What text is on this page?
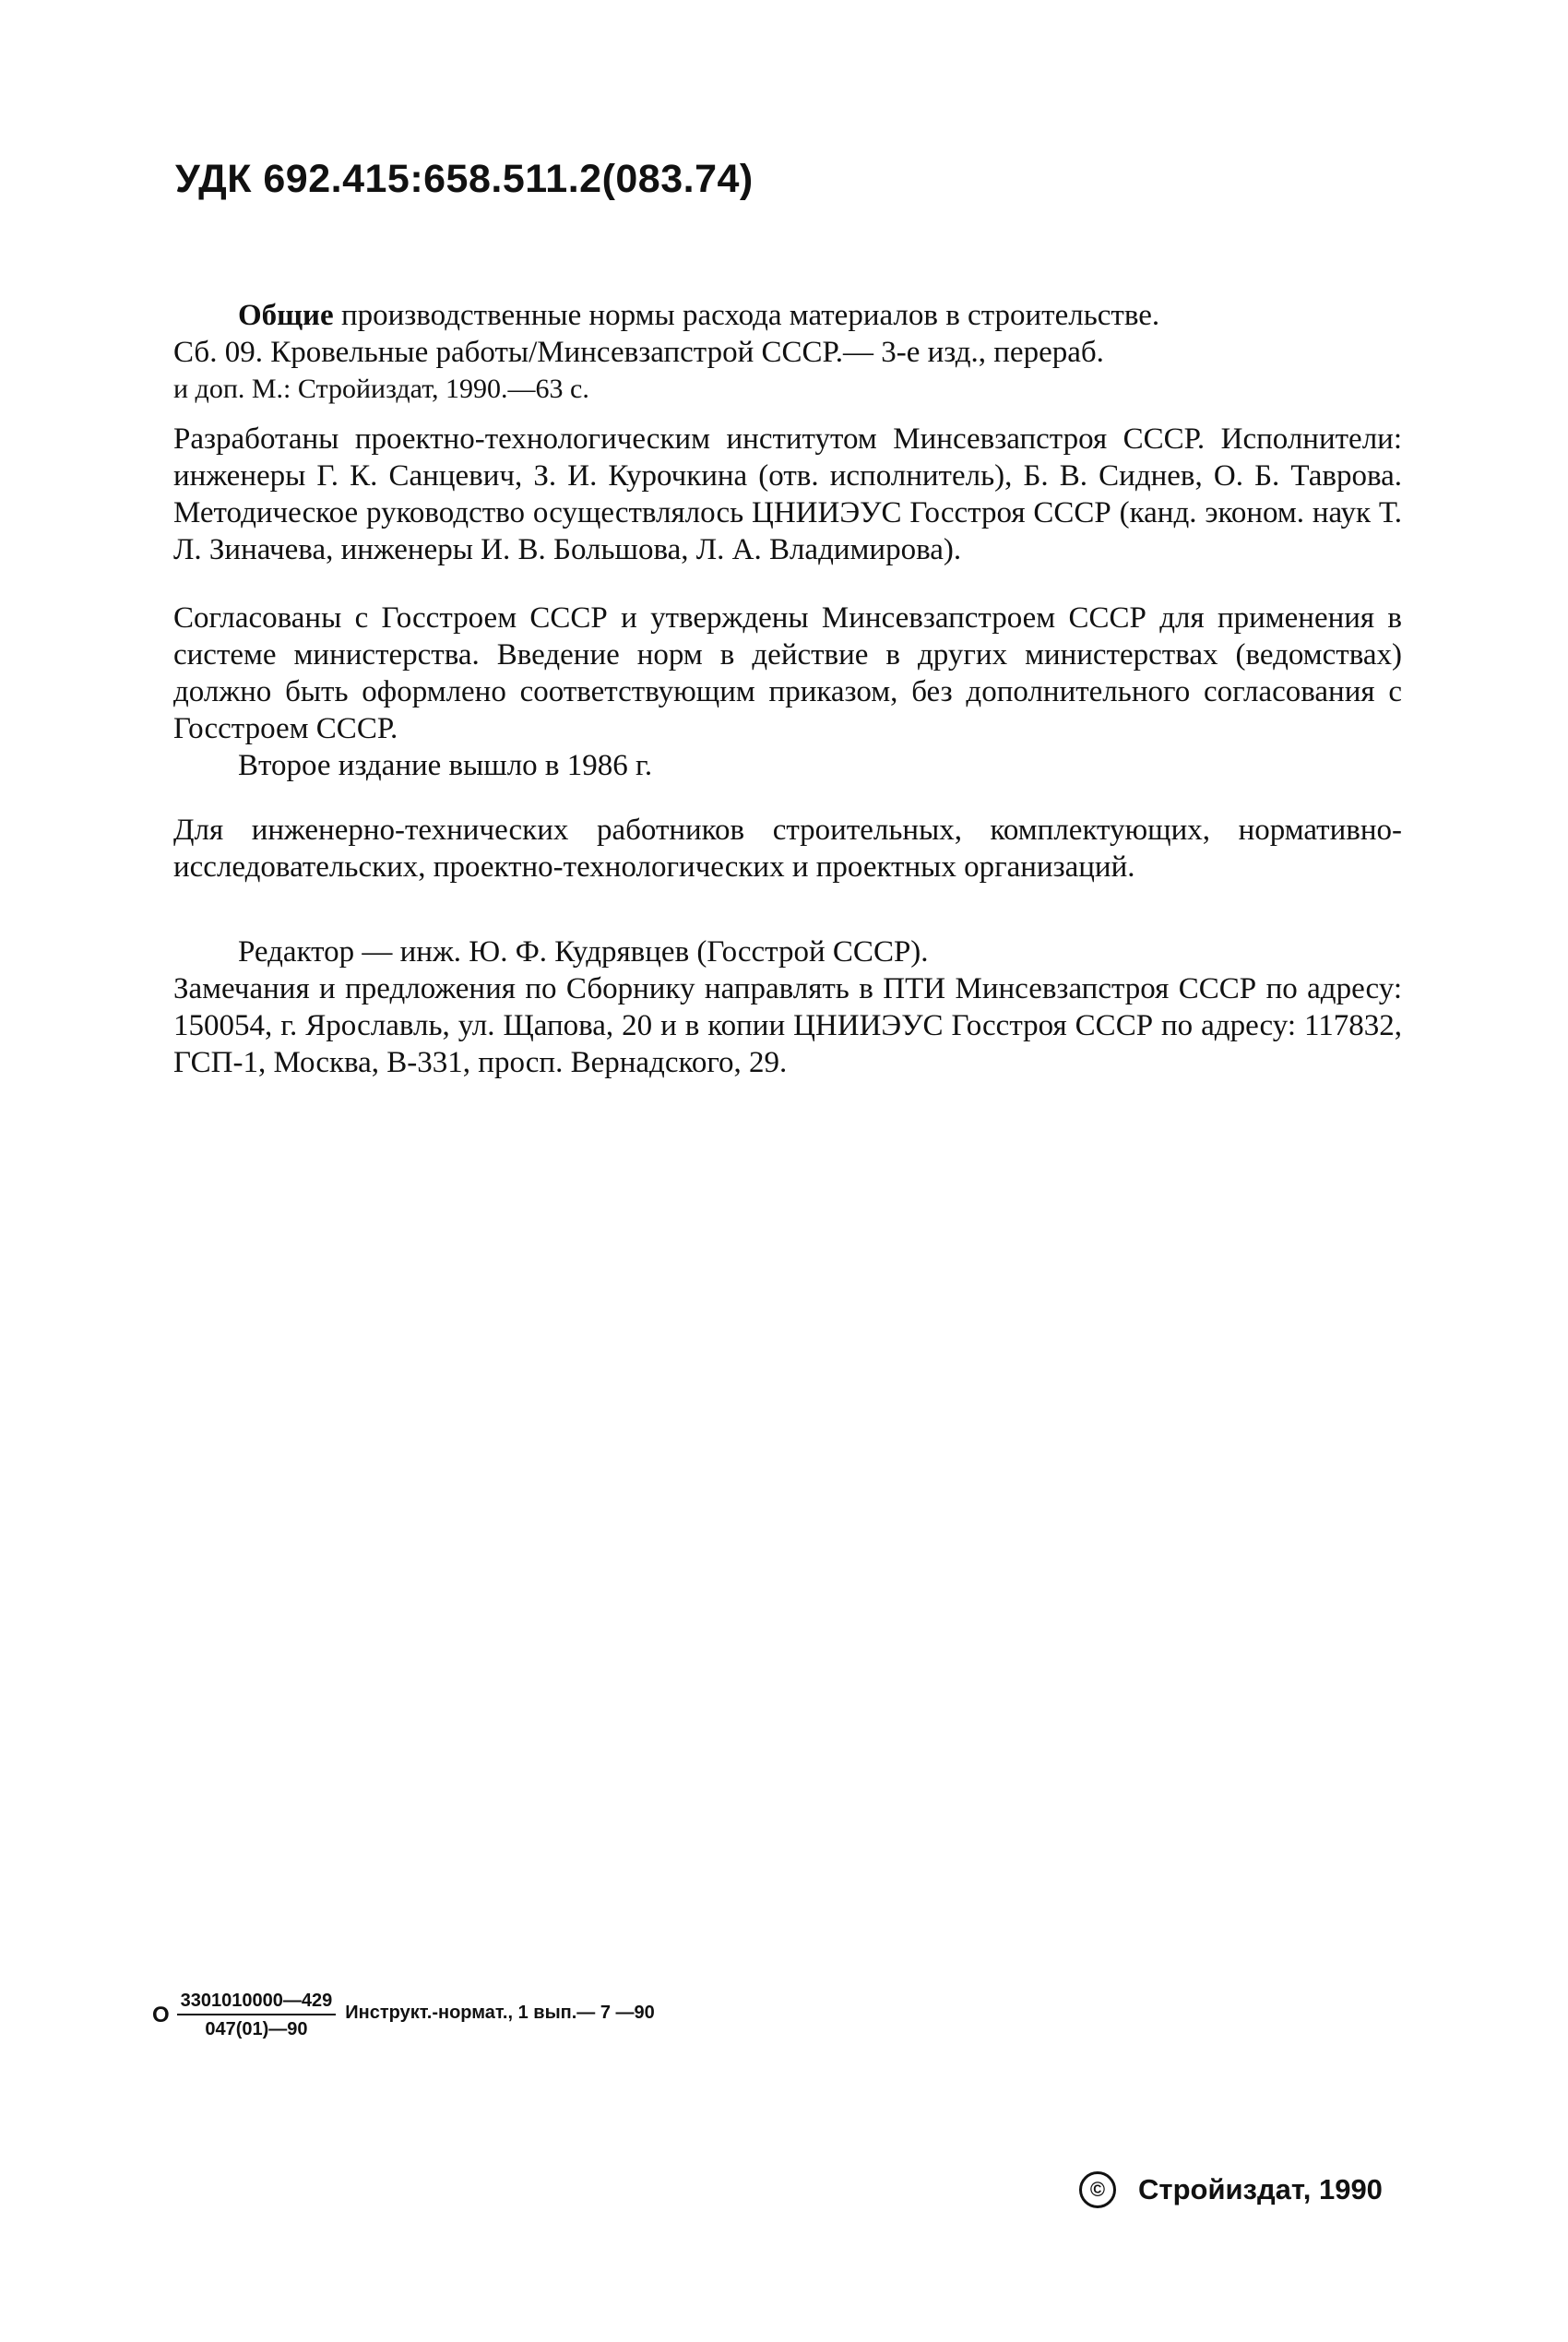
УДК 692.415:658.511.2(083.74)

Общие производственные нормы расхода материалов в строительстве.

Сб. 09. Кровельные работы/Минсевзапстрой СССР.— 3-е изд., перераб.

и доп. М.: Стройиздат, 1990.—63 с.

Разработаны проектно-технологическим институтом Минсевзапстроя СССР. Исполнители: инженеры Г. К. Санцевич, З. И. Курочкина (отв. исполнитель), Б. В. Сиднев, О. Б. Таврова. Методическое руководство осуществлялось ЦНИИЭУС Госстроя СССР (канд. эконом. наук Т. Л. Зиначева, инженеры И. В. Большова, Л. А. Владимирова).

Согласованы с Госстроем СССР и утверждены Минсевзапстроем СССР для применения в системе министерства. Введение норм в действие в других министерствах (ведомствах) должно быть оформлено соответствующим приказом, без дополнительного согласования с Госстроем СССР.

Второе издание вышло в 1986 г.

Для инженерно-технических работников строительных, комплектующих, нормативно-исследовательских, проектно-технологических и проектных организаций.

Редактор — инж. Ю. Ф. Кудрявцев (Госстрой СССР).

Замечания и предложения по Сборнику направлять в ПТИ Минсевзапстроя СССР по адресу: 150054, г. Ярославль, ул. Щапова, 20 и в копии ЦНИИЭУС Госстроя СССР по адресу: 117832, ГСП-1, Москва, В-331, просп. Вернадского, 29.

О $\frac{3301010000—429}{047(01)—90}$ Инструкт.-нормат., 1 вып.— 7 —90
©	Стройиздат, 1990
